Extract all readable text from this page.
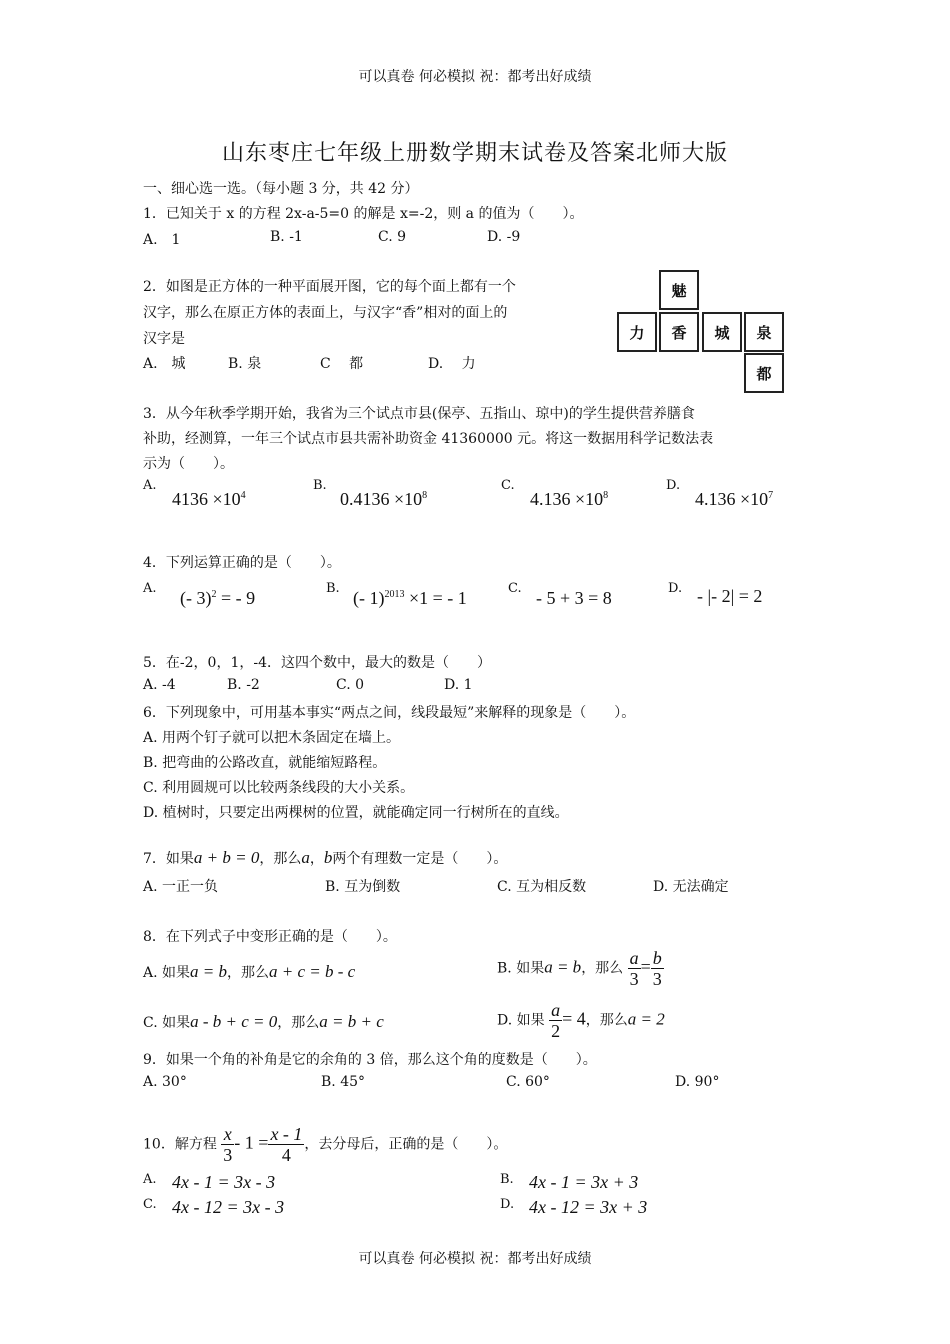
可以真卷 何必模拟 祝：都考出好成绩
山东枣庄七年级上册数学期末试卷及答案北师大版
一、细心选一选。（每小题 3 分，共 42 分）
1．已知关于 x 的方程 2x-a-5=0 的解是 x=-2，则 a 的值为（　　）。
A.　1	B. -1	C. 9	D. -9
2．如图是正方体的一种平面展开图，它的每个面上都有一个
汉字，那么在原正方体的表面上，与汉字“香”相对的面上的
汉字是
A.　城	B. 泉	C　 都	D.　 力
魅
力	香	城	泉
都
3．从今年秋季学期开始，我省为三个试点市县(保亭、五指山、琼中)的学生提供营养膳食
补助，经测算，一年三个试点市县共需补助资金 41360000 元。将这一数据用科学记数法表
示为（　　）。
A.
$4136 \times 10^4$
B.
$0.4136 \times 10^8$
C.
$4.136 \times 10^8$
D.
$4.136 \times 10^7$
4．下列运算正确的是（　　）。
A. (- 3)$^2$ = - 9	B. (- 1)$^{2013}$ ×1 = - 1	C. - 5 + 3 = 8	D. - |- 2| = 2
5．在-2，0，1，-4．这四个数中，最大的数是（　　）
A. -4	B. -2	C. 0	D. 1
6．下列现象中，可用基本事实“两点之间，线段最短”来解释的现象是（　　）。
A. 用两个钉子就可以把木条固定在墙上。
B. 把弯曲的公路改直，就能缩短路程。
C. 利用圆规可以比较两条线段的大小关系。
D. 植树时，只要定出两棵树的位置，就能确定同一行树所在的直线。
7．如果a + b = 0，那么a，b两个有理数一定是（　　）。
A. 一正一负	B. 互为倒数	C. 互为相反数	D. 无法确定
8．在下列式子中变形正确的是（　　）。
A. 如果a = b，那么a + c = b - c	B. 如果a = b，那么 $\frac{a}{3} = \frac{b}{3}$
C. 如果a - b + c = 0，那么a = b + c	D. 如果 $\frac{a}{2} = 4$，那么a = 2
9．如果一个角的补角是它的余角的 3 倍，那么这个角的度数是（　　）。
A. 30°	B. 45°	C. 60°	D. 90°
10．解方程 $\frac{x}{3} - 1 = \frac{x - 1}{4}$ ，去分母后，正确的是（　　）。
A. 4x - 1 = 3x - 3	B. 4x - 1 = 3x + 3
C. 4x - 12 = 3x - 3	D. 4x - 12 = 3x + 3
可以真卷 何必模拟 祝：都考出好成绩
